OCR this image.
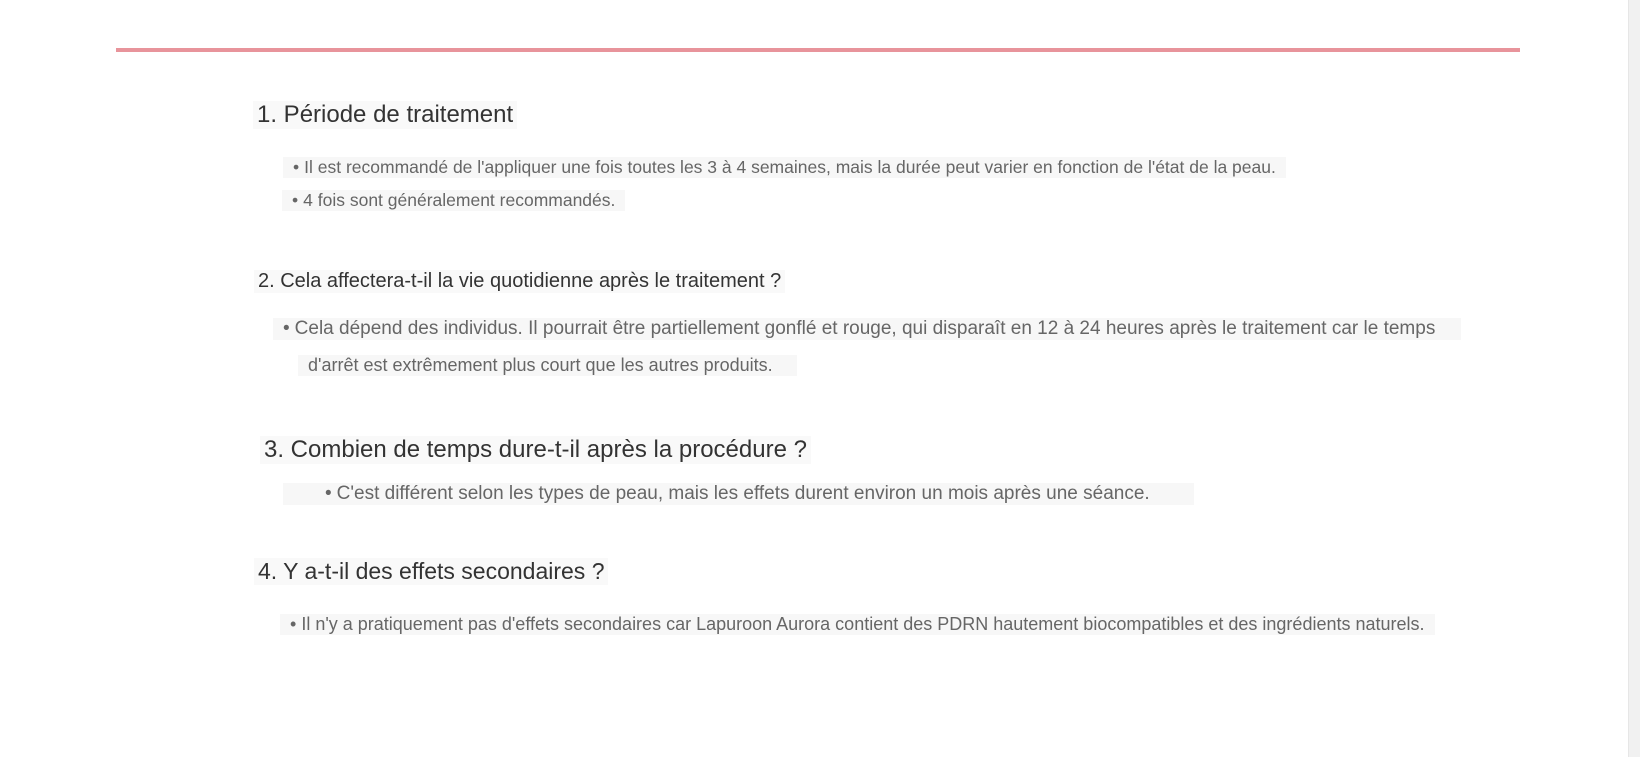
1. Période de traitement

• Il est recommandé de l'appliquer une fois toutes les 3 à 4 semaines, mais la durée peut varier en fonction de l'état de la peau.

• 4 fois sont généralement recommandés.

2. Cela affectera-t-il la vie quotidienne après le traitement ?

• Cela dépend des individus. Il pourrait être partiellement gonflé et rouge, qui disparaît en 12 à 24 heures après le traitement car le temps

d'arrêt est extrêmement plus court que les autres produits.

3. Combien de temps dure-t-il après la procédure ?

• C'est différent selon les types de peau, mais les effets durent environ un mois après une séance.

4. Y a-t-il des effets secondaires ?

• Il n'y a pratiquement pas d'effets secondaires car Lapuroon Aurora contient des PDRN hautement biocompatibles et des ingrédients naturels.
